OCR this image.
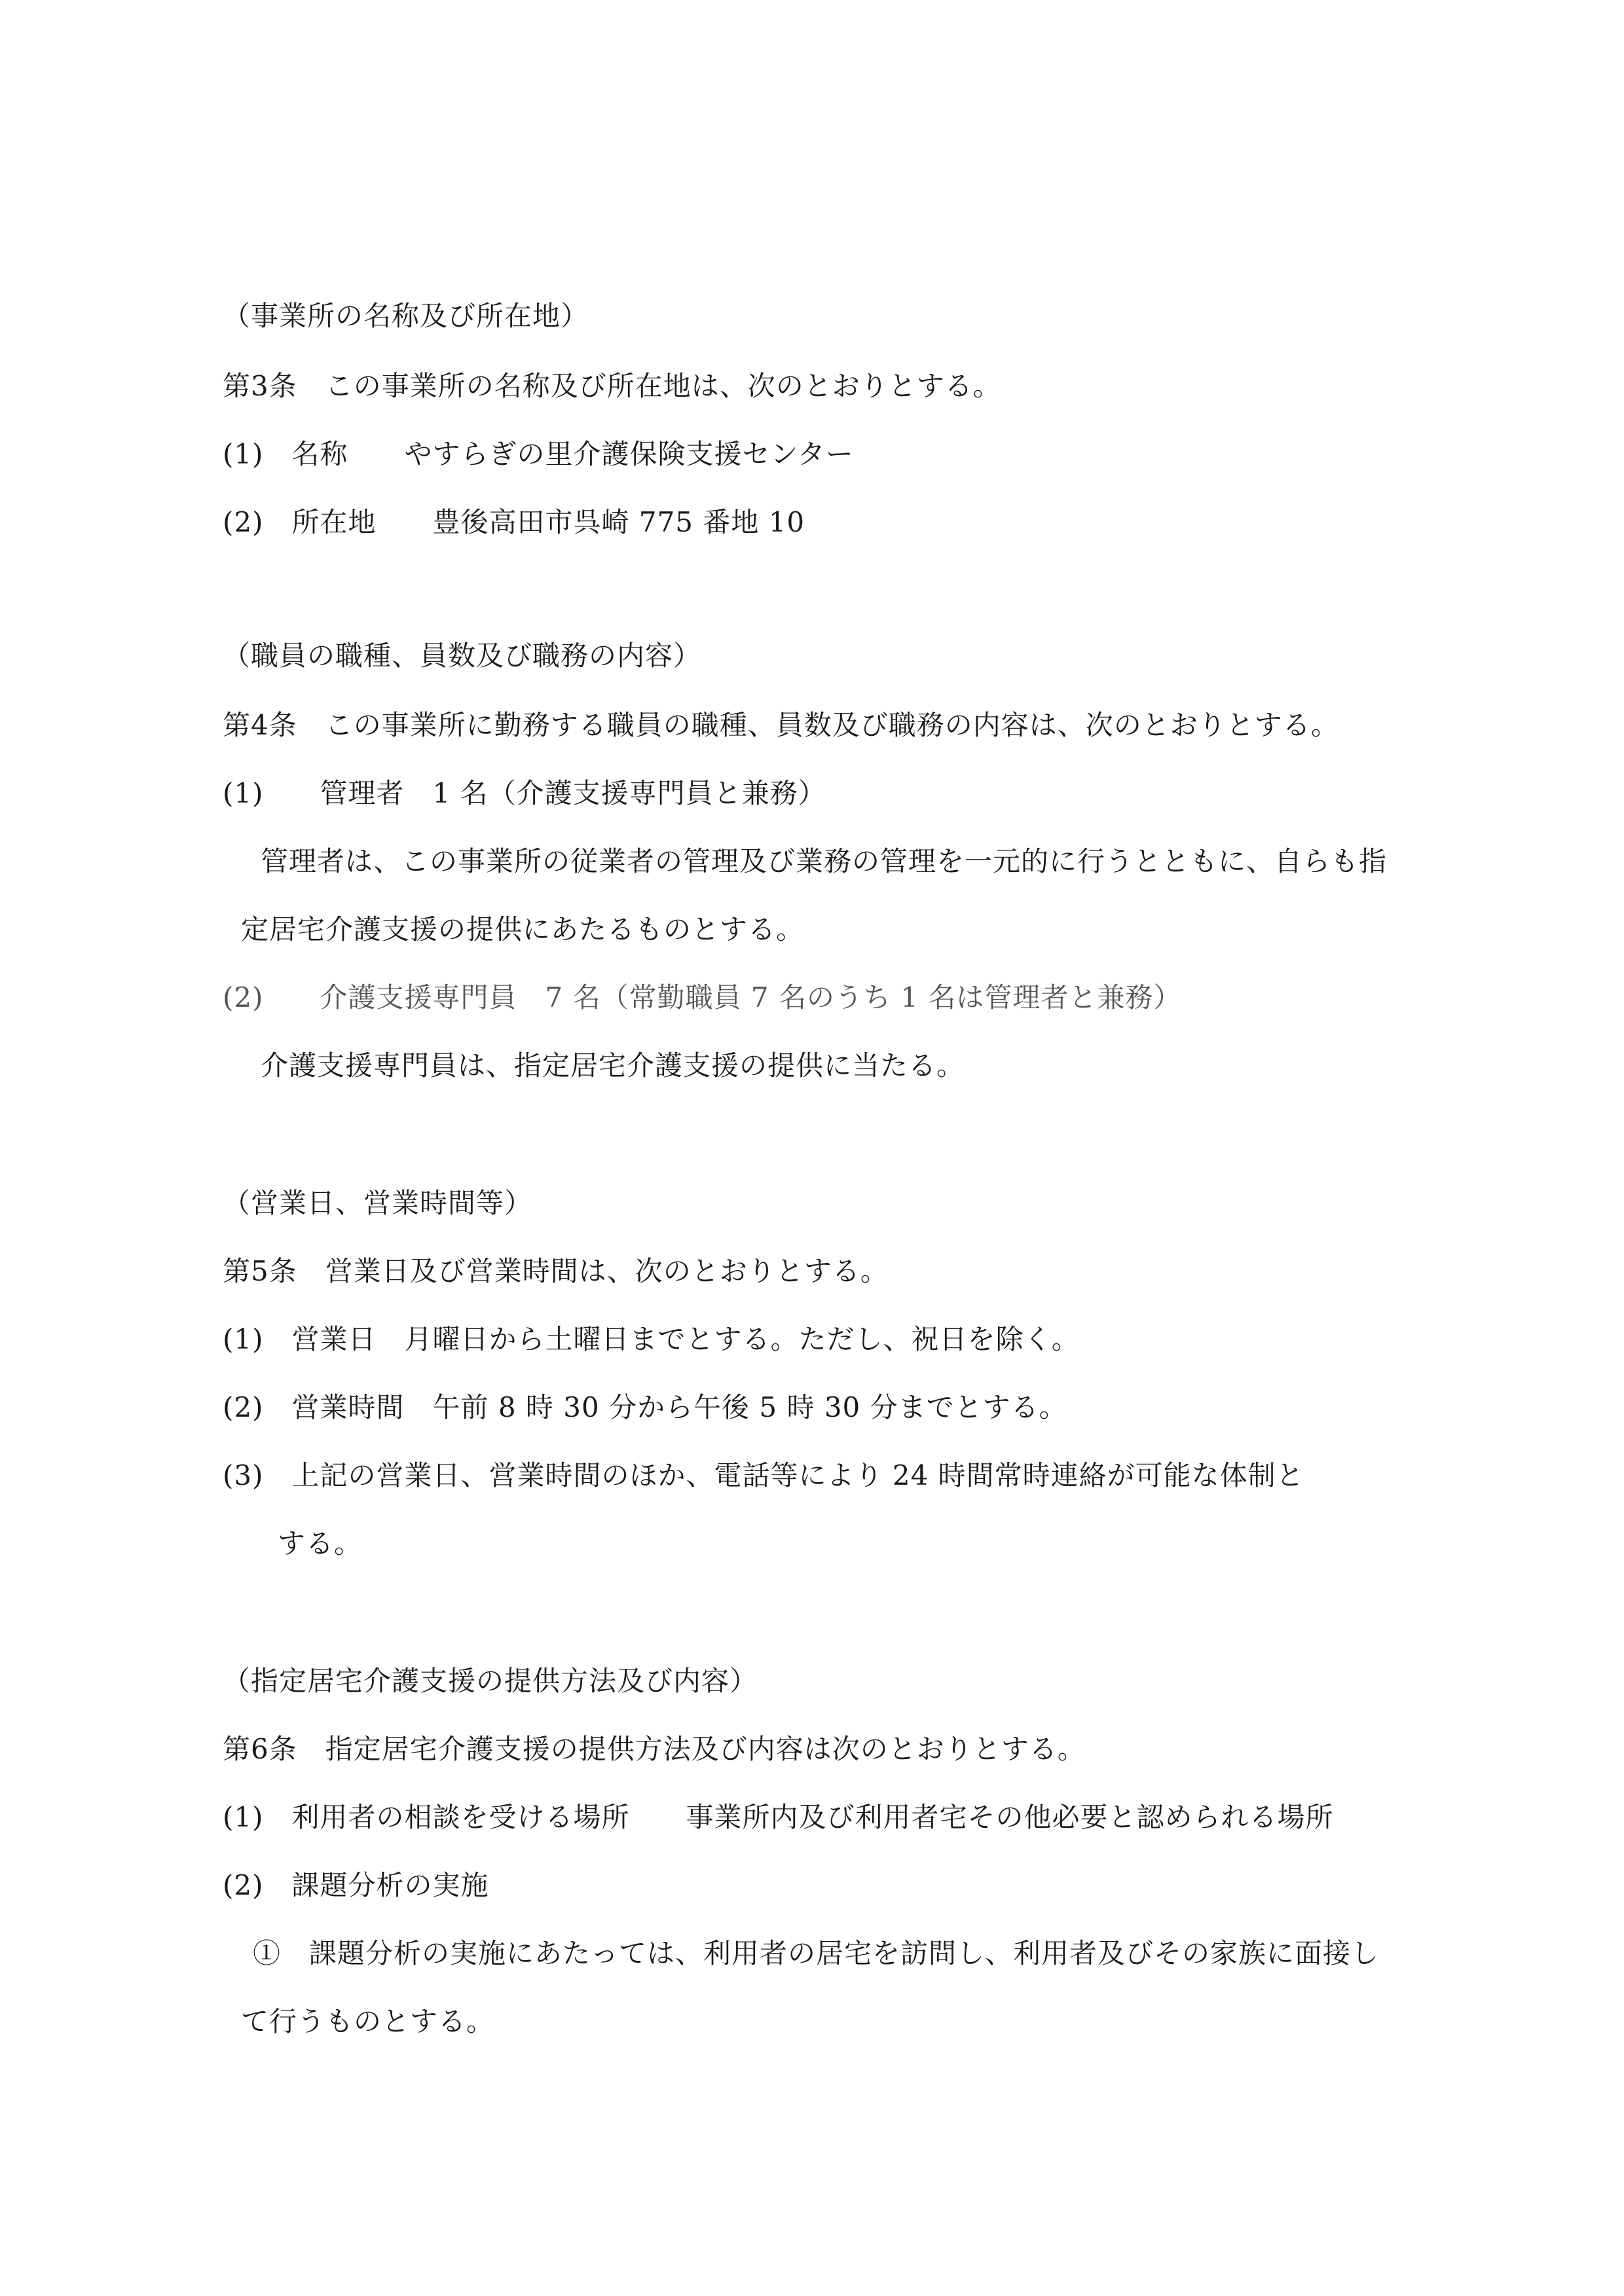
（事業所の名称及び所在地）
第3条　この事業所の名称及び所在地は、次のとおりとする。
(1)　名称　　やすらぎの里介護保険支援センター
(2)　所在地　　豊後高田市呉崎 775 番地 10
（職員の職種、員数及び職務の内容）
第4条　この事業所に勤務する職員の職種、員数及び職務の内容は、次のとおりとする。
(1)　　管理者　1 名（介護支援専門員と兼務）
管理者は、この事業所の従業者の管理及び業務の管理を一元的に行うとともに、自らも指
定居宅介護支援の提供にあたるものとする。
(2)　　介護支援専門員　7 名（常勤職員 7 名のうち 1 名は管理者と兼務）
介護支援専門員は、指定居宅介護支援の提供に当たる。
（営業日、営業時間等）
第5条　営業日及び営業時間は、次のとおりとする。
(1)　営業日　月曜日から土曜日までとする。ただし、祝日を除く。
(2)　営業時間　午前 8 時 30 分から午後 5 時 30 分までとする。
(3)　上記の営業日、営業時間のほか、電話等により 24 時間常時連絡が可能な体制と
する。
（指定居宅介護支援の提供方法及び内容）
第6条　指定居宅介護支援の提供方法及び内容は次のとおりとする。
(1)　利用者の相談を受ける場所　　事業所内及び利用者宅その他必要と認められる場所
(2)　課題分析の実施
①　課題分析の実施にあたっては、利用者の居宅を訪問し、利用者及びその家族に面接し
て行うものとする。
